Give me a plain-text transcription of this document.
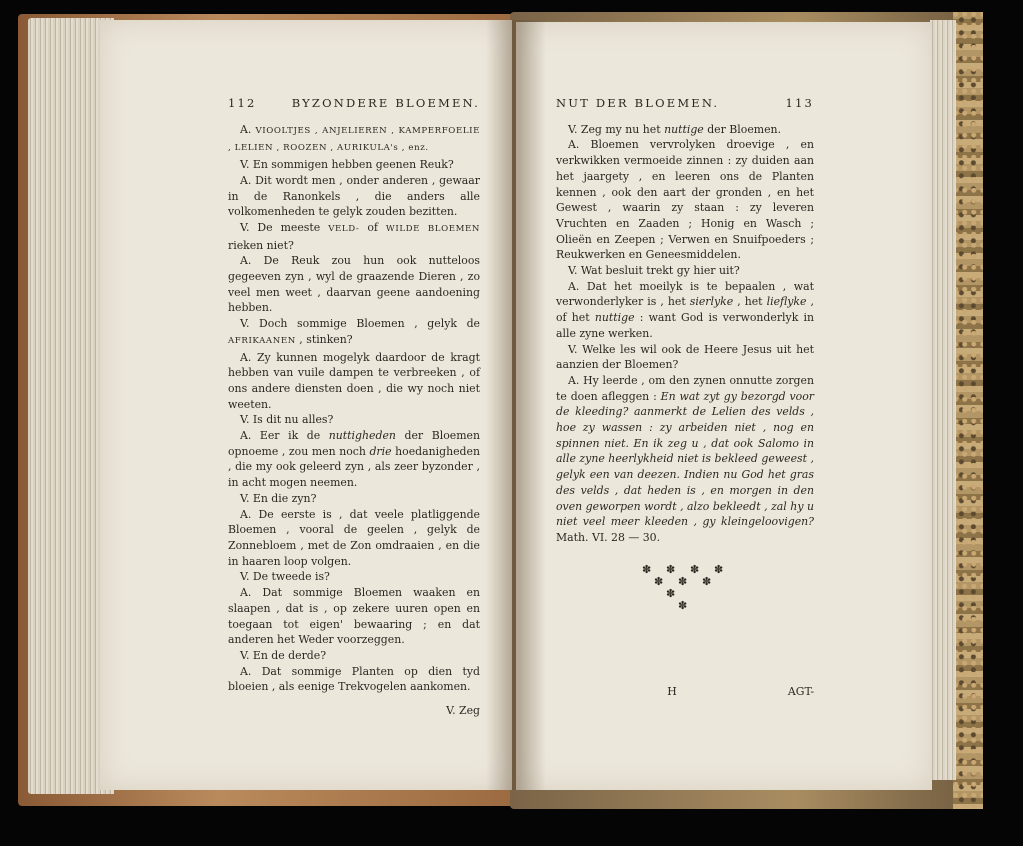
112	BYZONDERE BLOEMEN.

A. VIOOLTJES , ANJELIEREN , KAMPERFOELIE , LELIEN , ROOZEN , AURIKULA's , enz.

V. En sommigen hebben geenen Reuk?

A. Dit wordt men , onder anderen , gewaar in de Ranonkels , die anders alle volkomenheden te gelyk zouden bezitten.

V. De meeste VELD- of WILDE BLOEMEN rieken niet?

A. De Reuk zou hun ook nutteloos gegeeven zyn , wyl de graazende Dieren , zo veel men weet , daarvan geene aandoening hebben.

V. Doch sommige Bloemen , gelyk de AFRIKAANEN , stinken?

A. Zy kunnen mogelyk daardoor de kragt hebben van vuile dampen te verbreeken , of ons andere diensten doen , die wy noch niet weeten.

V. Is dit nu alles?

A. Eer ik de nuttigheden der Bloemen opnoeme , zou men noch drie hoedanigheden , die my ook geleerd zyn , als zeer byzonder , in acht mogen neemen.

V. En die zyn?

A. De eerste is , dat veele platliggende Bloemen , vooral de geelen , gelyk de Zonnebloem , met de Zon omdraaien , en die in haaren loop volgen.

V. De tweede is?

A. Dat sommige Bloemen waaken en slaapen , dat is , op zekere uuren open en toegaan tot eigen' bewaaring ; en dat anderen het Weder voorzeggen.

V. En de derde?

A. Dat sommige Planten op dien tyd bloeien , als eenige Trekvogelen aankomen.

V. Zeg
NUT DER BLOEMEN.	113

V. Zeg my nu het nuttige der Bloemen.

A. Bloemen vervrolyken droevige , en verkwikken vermoeide zinnen : zy duiden aan het jaargety , en leeren ons de Planten kennen , ook den aart der gronden , en het Gewest , waarin zy staan : zy leveren Vruchten en Zaaden ; Honig en Wasch ; Olieën en Zeepen ; Verwen en Snuifpoeders ; Reukwerken en Geneesmiddelen.

V. Wat besluit trekt gy hier uit?

A. Dat het moeilyk is te bepaalen , wat verwonderlyker is , het sierlyke , het lieflyke , of het nuttige : want God is verwonderlyk in alle zyne werken.

V. Welke les wil ook de Heere Jesus uit het aanzien der Bloemen?

A. Hy leerde , om den zynen onnutte zorgen te doen afleggen : En wat zyt gy bezorgd voor de kleeding? aanmerkt de Lelien des velds , hoe zy wassen : zy arbeiden niet , nog en spinnen niet. En ik zeg u , dat ook Salomo in alle zyne heerlykheid niet is bekleed geweest , gelyk een van deezen. Indien nu God het gras des velds , dat heden is , en morgen in den oven geworpen wordt , alzo bekleedt , zal hy u niet veel meer kleeden , gy kleingeloovigen? Math. VI. 28 — 30.

✽ ✽ ✽ ✽
✽ ✽ ✽
✽
✽
H	AGT-
